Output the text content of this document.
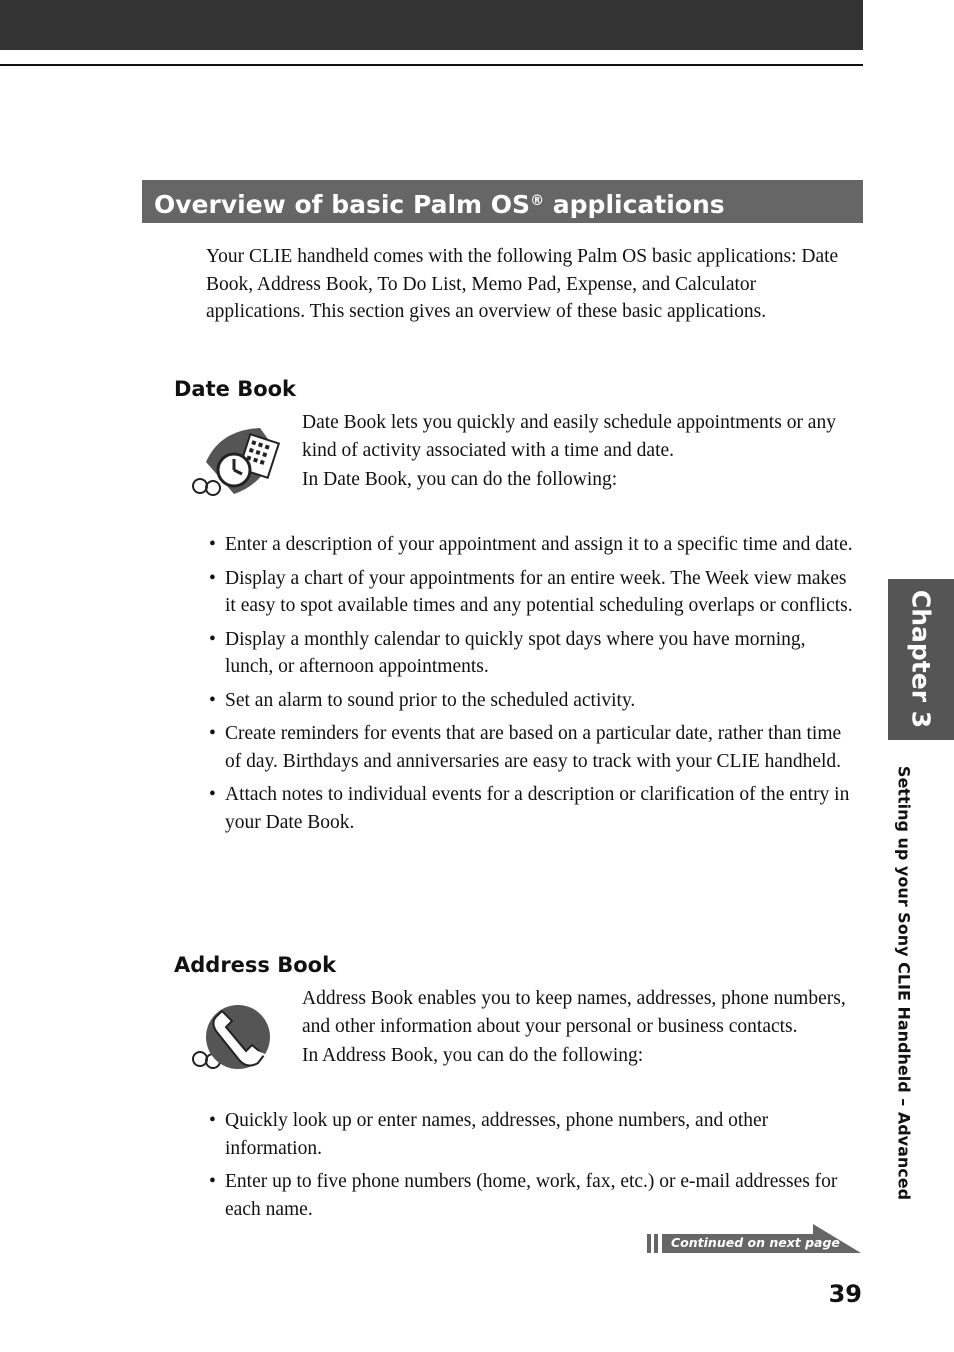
Overview of basic Palm OS® applications

Your CLIE handheld comes with the following Palm OS basic applications: Date Book, Address Book, To Do List, Memo Pad, Expense, and Calculator applications. This section gives an overview of these basic applications.

Date Book

Date Book lets you quickly and easily schedule appointments or any kind of activity associated with a time and date.

In Date Book, you can do the following:

• Enter a description of your appointment and assign it to a specific time and date.
• Display a chart of your appointments for an entire week. The Week view makes it easy to spot available times and any potential scheduling overlaps or conflicts.
• Display a monthly calendar to quickly spot days where you have morning, lunch, or afternoon appointments.
• Set an alarm to sound prior to the scheduled activity.
• Create reminders for events that are based on a particular date, rather than time of day. Birthdays and anniversaries are easy to track with your CLIE handheld.
• Attach notes to individual events for a description or clarification of the entry in your Date Book.
Address Book

Address Book enables you to keep names, addresses, phone numbers, and other information about your personal or business contacts.

In Address Book, you can do the following:

• Quickly look up or enter names, addresses, phone numbers, and other information.
• Enter up to five phone numbers (home, work, fax, etc.) or e-mail addresses for each name.
Chapter 3
Setting up your Sony CLIE Handheld – Advanced
Continued on next page
39
